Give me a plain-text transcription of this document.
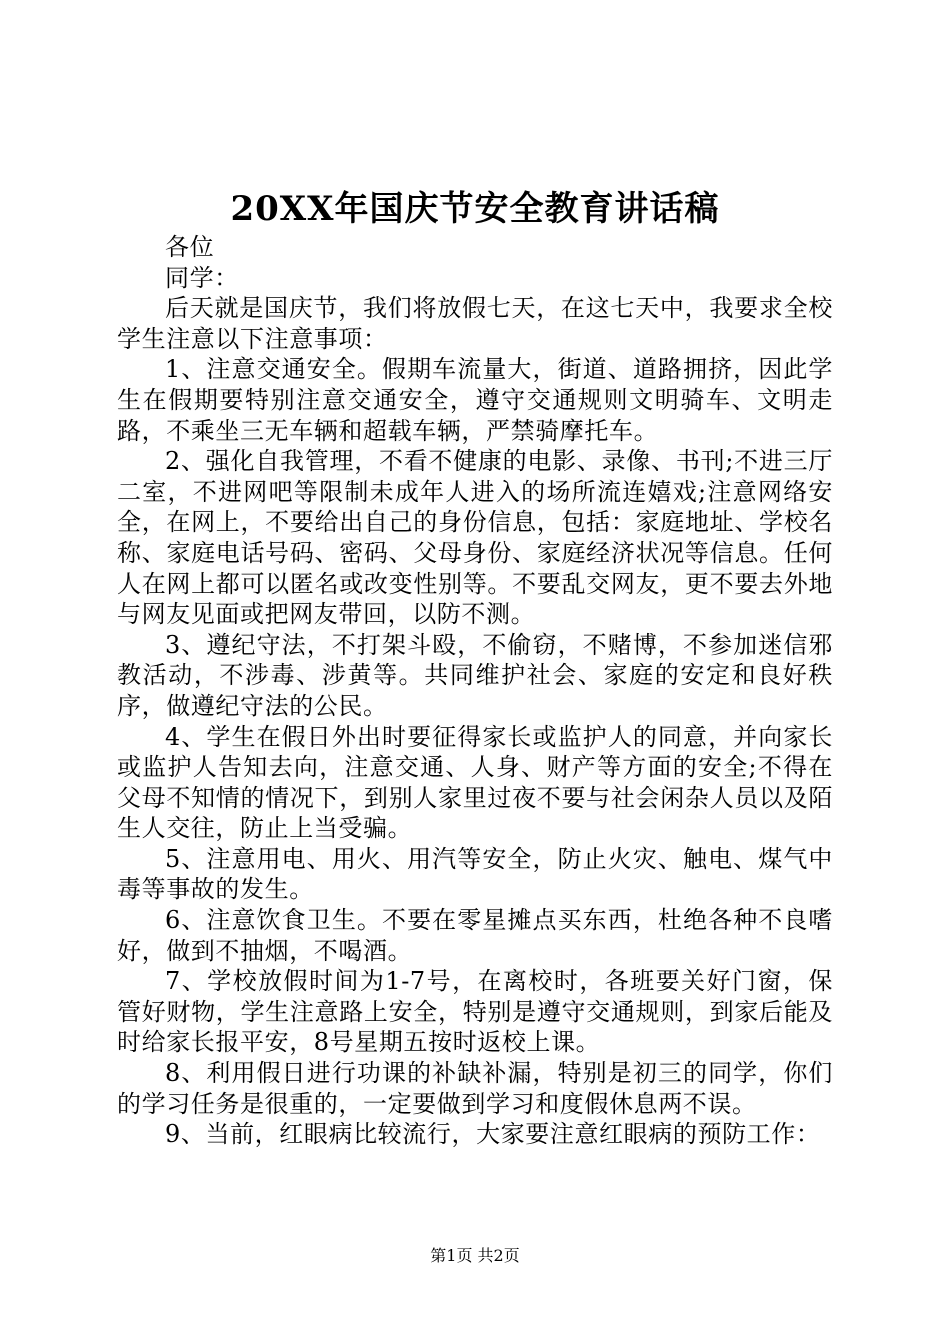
20XX年国庆节安全教育讲话稿

各位

同学：

后天就是国庆节，我们将放假七天，在这七天中，我要求全校学生注意以下注意事项：

1、注意交通安全。假期车流量大，街道、道路拥挤，因此学生在假期要特别注意交通安全，遵守交通规则文明骑车、文明走路，不乘坐三无车辆和超载车辆，严禁骑摩托车。

2、强化自我管理，不看不健康的电影、录像、书刊;不进三厅二室，不进网吧等限制未成年人进入的场所流连嬉戏;注意网络安全，在网上，不要给出自己的身份信息，包括：家庭地址、学校名称、家庭电话号码、密码、父母身份、家庭经济状况等信息。任何人在网上都可以匿名或改变性别等。不要乱交网友，更不要去外地与网友见面或把网友带回，以防不测。

3、遵纪守法，不打架斗殴，不偷窃，不赌博，不参加迷信邪教活动，不涉毒、涉黄等。共同维护社会、家庭的安定和良好秩序，做遵纪守法的公民。

4、学生在假日外出时要征得家长或监护人的同意，并向家长或监护人告知去向，注意交通、人身、财产等方面的安全;不得在父母不知情的情况下，到别人家里过夜不要与社会闲杂人员以及陌生人交往，防止上当受骗。

5、注意用电、用火、用汽等安全，防止火灾、触电、煤气中毒等事故的发生。

6、注意饮食卫生。不要在零星摊点买东西，杜绝各种不良嗜好，做到不抽烟，不喝酒。

7、学校放假时间为1-7号，在离校时，各班要关好门窗，保管好财物，学生注意路上安全，特别是遵守交通规则，到家后能及时给家长报平安，8号星期五按时返校上课。

8、利用假日进行功课的补缺补漏，特别是初三的同学，你们的学习任务是很重的，一定要做到学习和度假休息两不误。

9、当前，红眼病比较流行，大家要注意红眼病的预防工作：

第1页 共2页
